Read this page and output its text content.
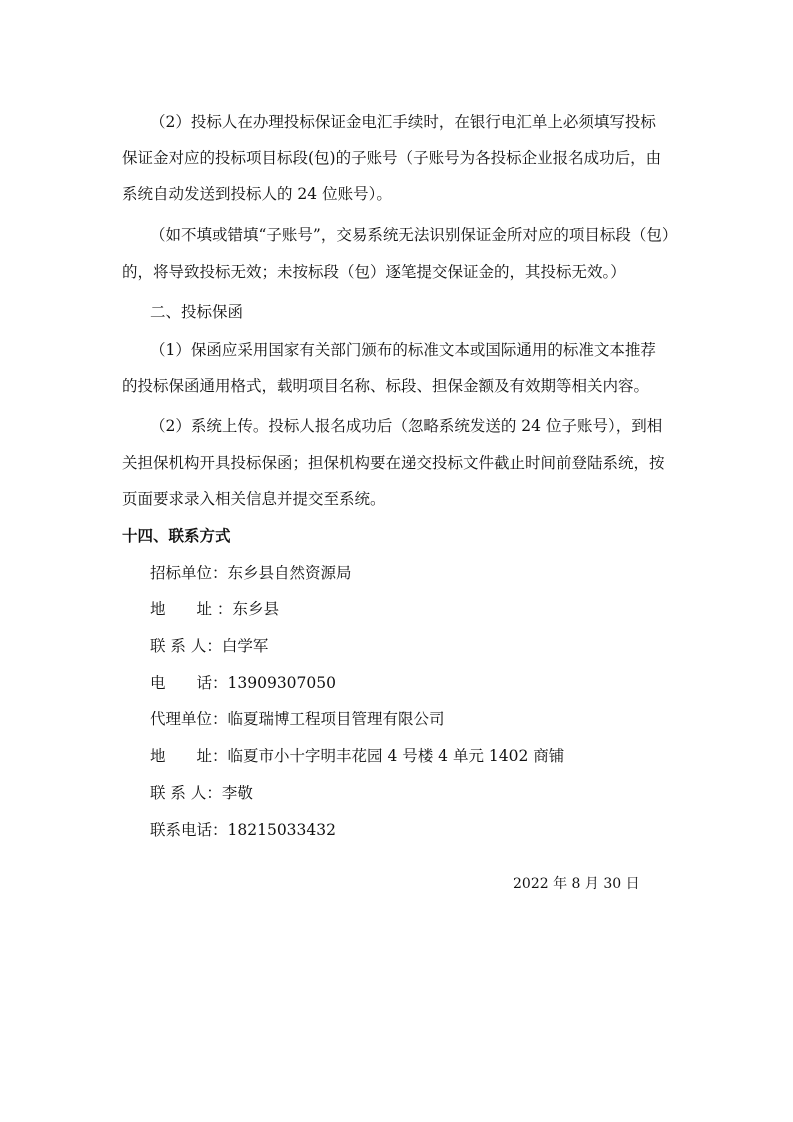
（2）投标人在办理投标保证金电汇手续时，在银行电汇单上必须填写投标
保证金对应的投标项目标段(包)的子账号（子账号为各投标企业报名成功后，由
系统自动发送到投标人的 24 位账号）。
（如不填或错填“子账号”，交易系统无法识别保证金所对应的项目标段（包）
的，将导致投标无效；未按标段（包）逐笔提交保证金的，其投标无效。）
二、投标保函
（1）保函应采用国家有关部门颁布的标准文本或国际通用的标准文本推荐
的投标保函通用格式，载明项目名称、标段、担保金额及有效期等相关内容。
（2）系统上传。投标人报名成功后（忽略系统发送的 24 位子账号），到相
关担保机构开具投标保函；担保机构要在递交投标文件截止时间前登陆系统，按
页面要求录入相关信息并提交至系统。
十四、联系方式
招标单位：东乡县自然资源局
地　　址 ：东乡县
联 系 人：白学军
电　　话：13909307050
代理单位：临夏瑞博工程项目管理有限公司
地　　址：临夏市小十字明丰花园 4 号楼 4 单元 1402 商铺
联 系 人：李敬
联系电话：18215033432
2022 年 8 月 30 日
